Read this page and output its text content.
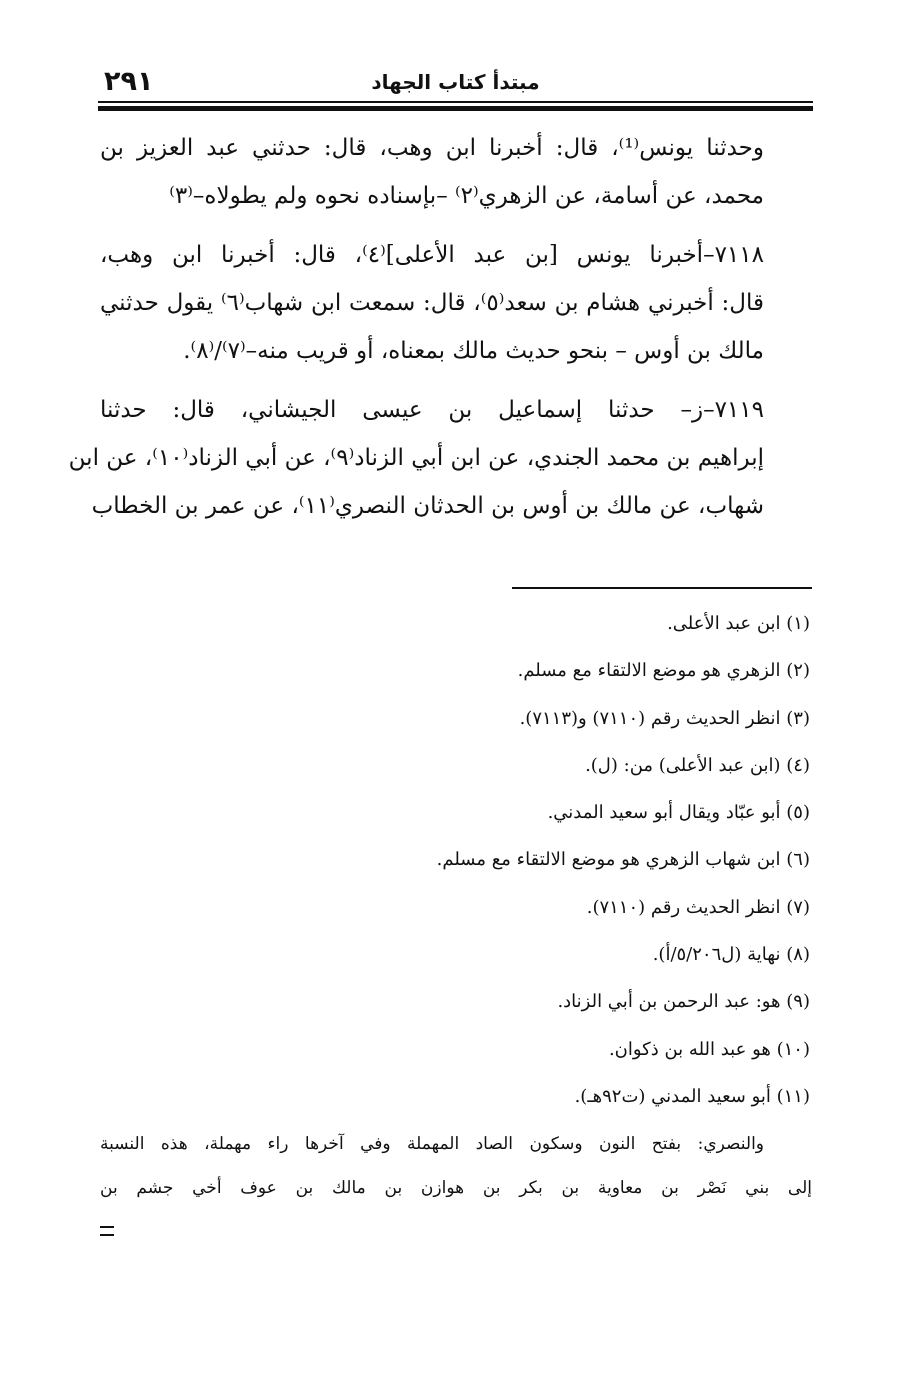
٢٩١	مبتدأ كتاب الجهاد

وحدثنا يونس⁽¹⁾، قال: أخبرنا ابن وهب، قال: حدثني عبد العزيز بن
محمد، عن أسامة، عن الزهري⁽٢⁾ –بإسناده نحوه ولم يطولاه–⁽٣⁾

٧١١٨–أخبرنا يونس [بن عبد الأعلى]⁽٤⁾، قال: أخبرنا ابن وهب،
قال: أخبرني هشام بن سعد⁽٥⁾، قال: سمعت ابن شهاب⁽٦⁾ يقول حدثني
مالك بن أوس – بنحو حديث مالك بمعناه، أو قريب منه–⁽٧⁾/⁽٨⁾.

٧١١٩–ز– حدثنا إسماعيل بن عيسى الجيشاني، قال: حدثنا
إبراهيم بن محمد الجندي، عن ابن أبي الزناد⁽٩⁾، عن أبي الزناد⁽١٠⁾، عن ابن
شهاب، عن مالك بن أوس بن الحدثان النصري⁽١١⁾، عن عمر بن الخطاب

(١) ابن عبد الأعلى.
(٢) الزهري هو موضع الالتقاء مع مسلم.
(٣) انظر الحديث رقم (٧١١٠) و(٧١١٣).
(٤) (ابن عبد الأعلى) من: (ل).
(٥) أبو عبّاد ويقال أبو سعيد المدني.
(٦) ابن شهاب الزهري هو موضع الالتقاء مع مسلم.
(٧) انظر الحديث رقم (٧١١٠).
(٨) نهاية (ل٥/٢٠٦/أ).
(٩) هو: عبد الرحمن بن أبي الزناد.
(١٠) هو عبد الله بن ذكوان.
(١١) أبو سعيد المدني (ت٩٢هـ).
والنصري: بفتح النون وسكون الصاد المهملة وفي آخرها راء مهملة، هذه النسبة
إلى بني نَصْر بن معاوية بن بكر بن هوازن بن مالك بن عوف أخي جشم بن
